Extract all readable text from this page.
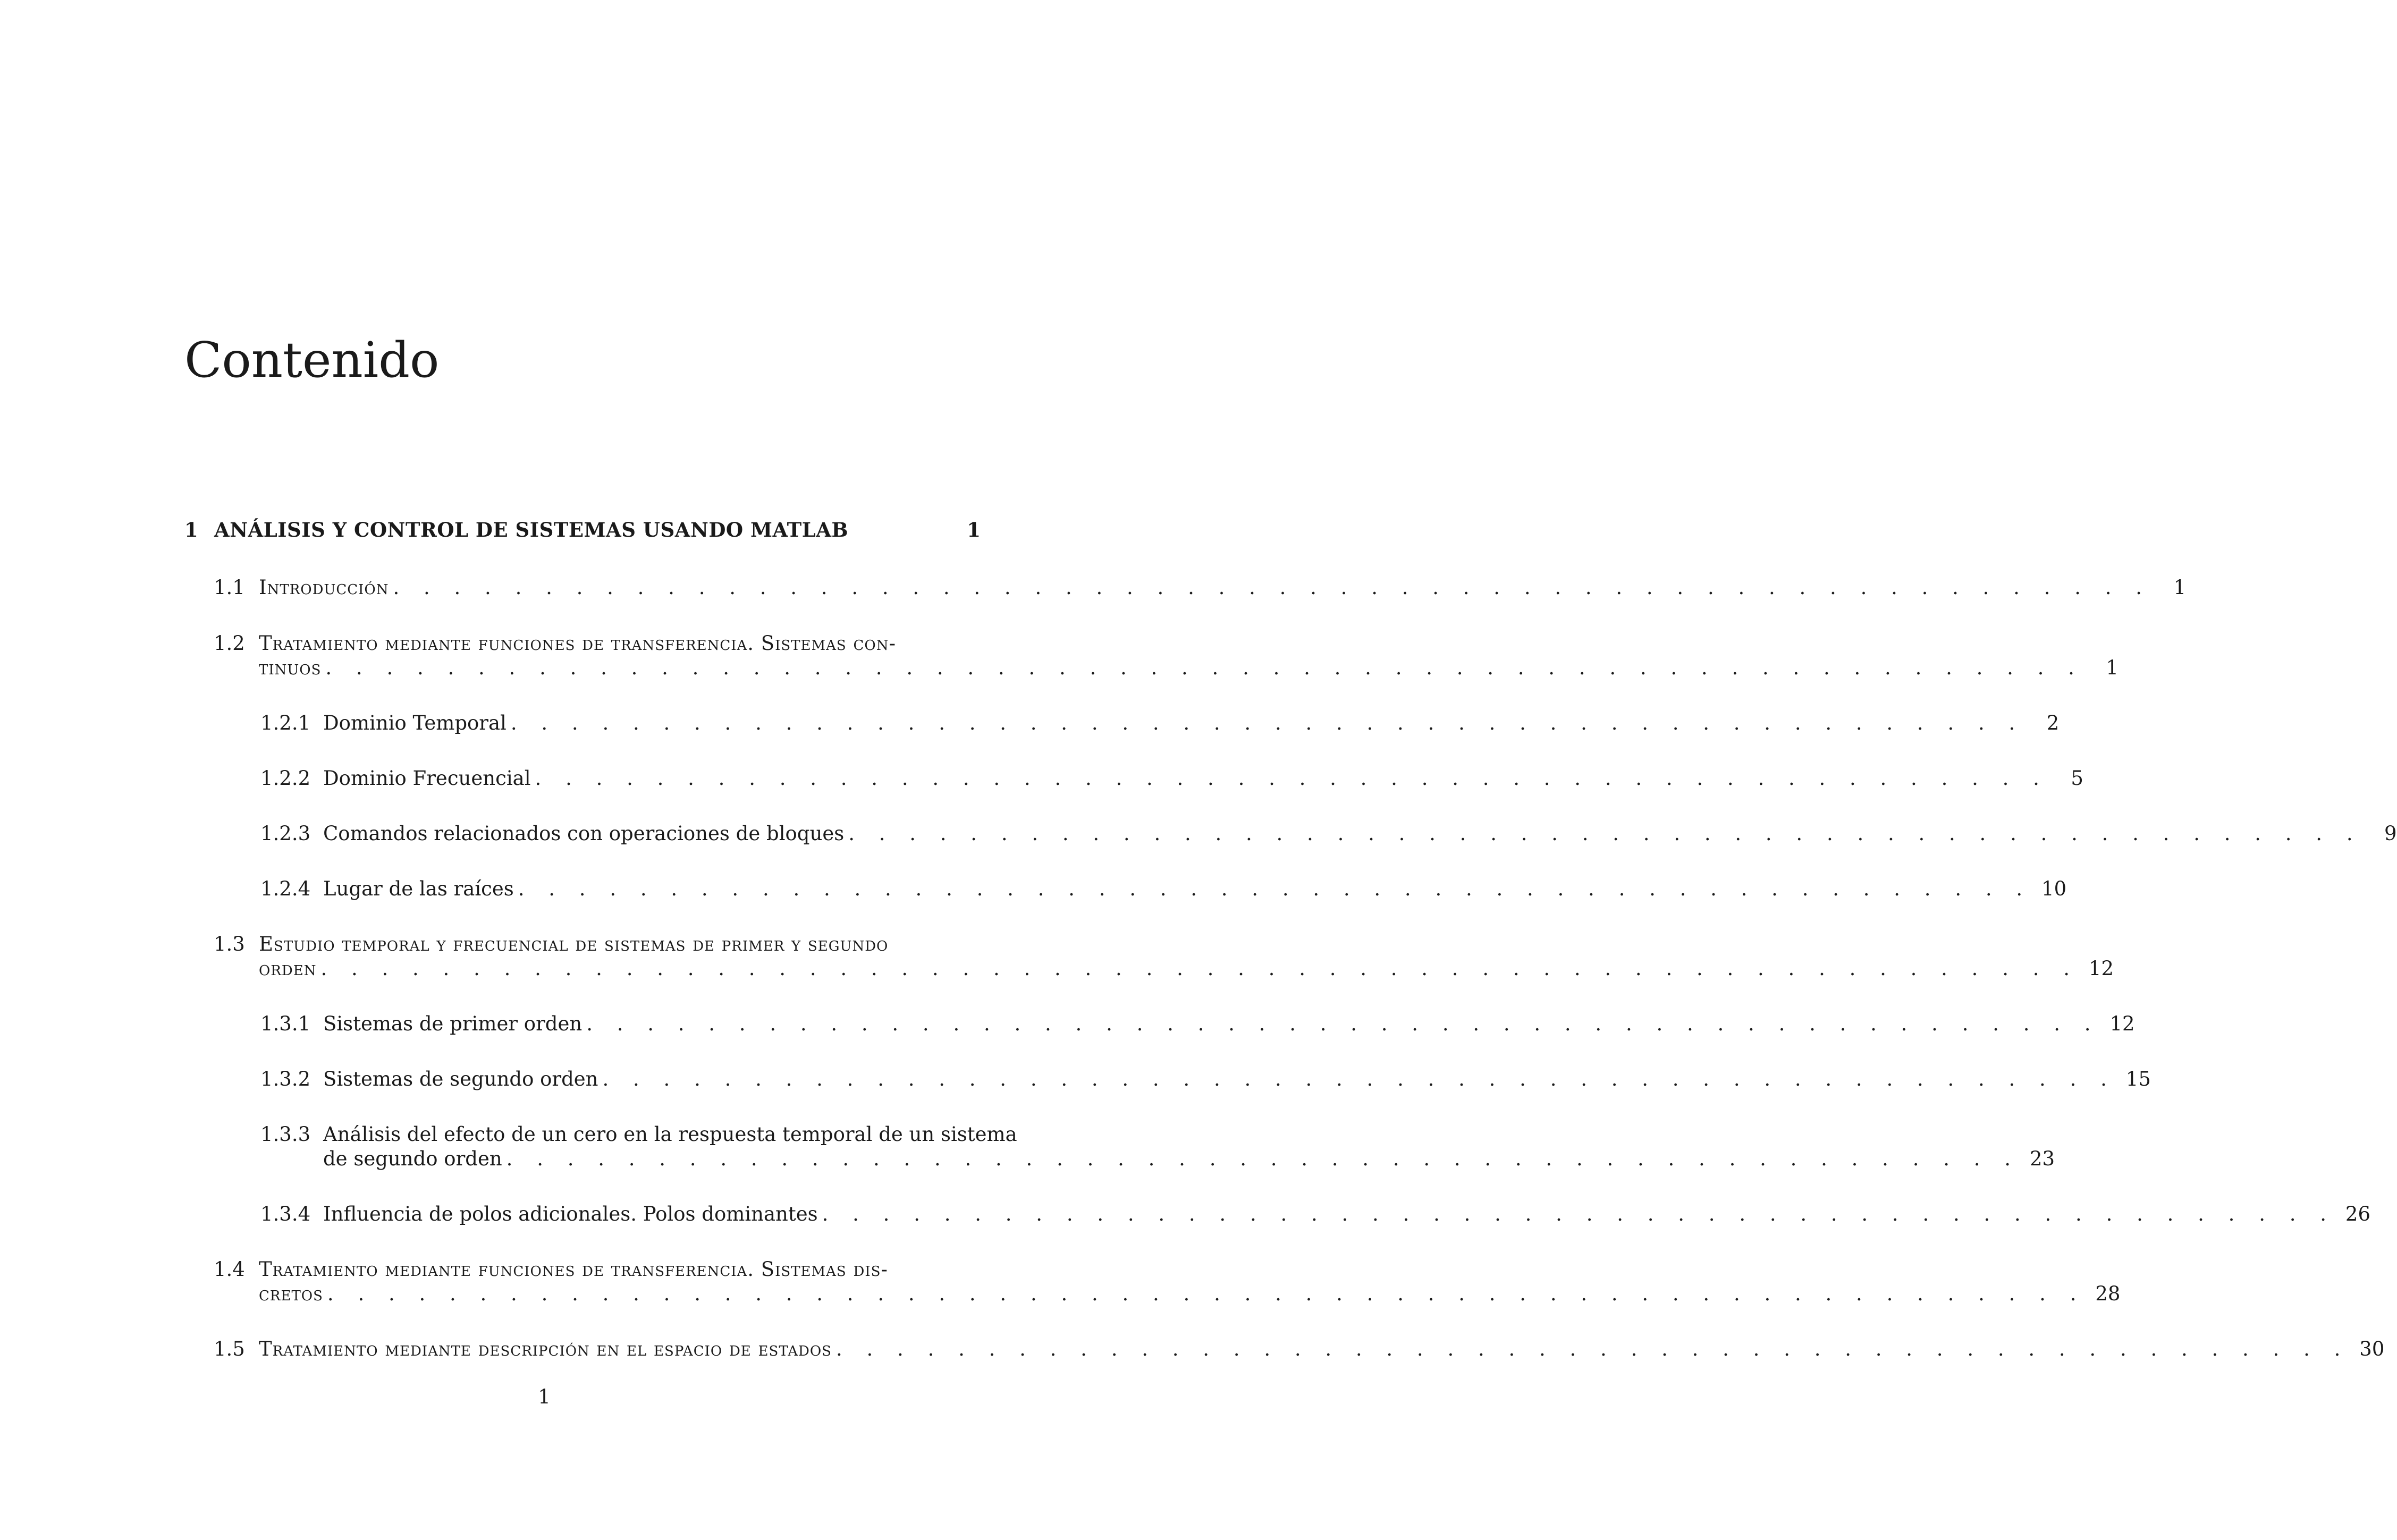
Contenido
1 ANÁLISIS Y CONTROL DE SISTEMAS USANDO MATLAB	1
1.1 Introducción . . . . . . . . . . . . . . . . . . . . . . . . . . . . . . . . . . . . . . . . . . . . . . . . . . . . . . . . . .	1
1.2 Tratamiento mediante funciones de transferencia. Sistemas con-
tinuos . . . . . . . . . . . . . . . . . . . . . . . . . . . . . . . . . . . . . . . . . . . . . . . . . . . . . . . . . .	1
1.2.1 Dominio Temporal . . . . . . . . . . . . . . . . . . . . . . . . . . . . . . . . . . . . . . . . . . . . . . . . . .	2
1.2.2 Dominio Frecuencial . . . . . . . . . . . . . . . . . . . . . . . . . . . . . . . . . . . . . . . . . . . . . . . . . .	5
1.2.3 Comandos relacionados con operaciones de bloques . . . . . . . . . . . . . . . . . . . . . . . . . . . . . . . . . . . . . . . . . . . . . . . . . .	9
1.2.4 Lugar de las raíces . . . . . . . . . . . . . . . . . . . . . . . . . . . . . . . . . . . . . . . . . . . . . . . . . . 10
1.3 Estudio temporal y frecuencial de sistemas de primer y segundo
orden . . . . . . . . . . . . . . . . . . . . . . . . . . . . . . . . . . . . . . . . . . . . . . . . . . . . . . . . . . 12
1.3.1 Sistemas de primer orden . . . . . . . . . . . . . . . . . . . . . . . . . . . . . . . . . . . . . . . . . . . . . . . . . . 12
1.3.2 Sistemas de segundo orden . . . . . . . . . . . . . . . . . . . . . . . . . . . . . . . . . . . . . . . . . . . . . . . . . . 15
1.3.3 Análisis del efecto de un cero en la respuesta temporal de un sistema
de segundo orden . . . . . . . . . . . . . . . . . . . . . . . . . . . . . . . . . . . . . . . . . . . . . . . . . . 23
1.3.4 Influencia de polos adicionales. Polos dominantes . . . . . . . . . . . . . . . . . . . . . . . . . . . . . . . . . . . . . . . . . . . . . . . . . . 26
1.4 Tratamiento mediante funciones de transferencia. Sistemas dis-
cretos . . . . . . . . . . . . . . . . . . . . . . . . . . . . . . . . . . . . . . . . . . . . . . . . . . . . . . . . . . 28
1.5 Tratamiento mediante descripción en el espacio de estados . . . . . . . . . . . . . . . . . . . . . . . . . . . . . . . . . . . . . . . . . . . . . . . . . . 30
1
